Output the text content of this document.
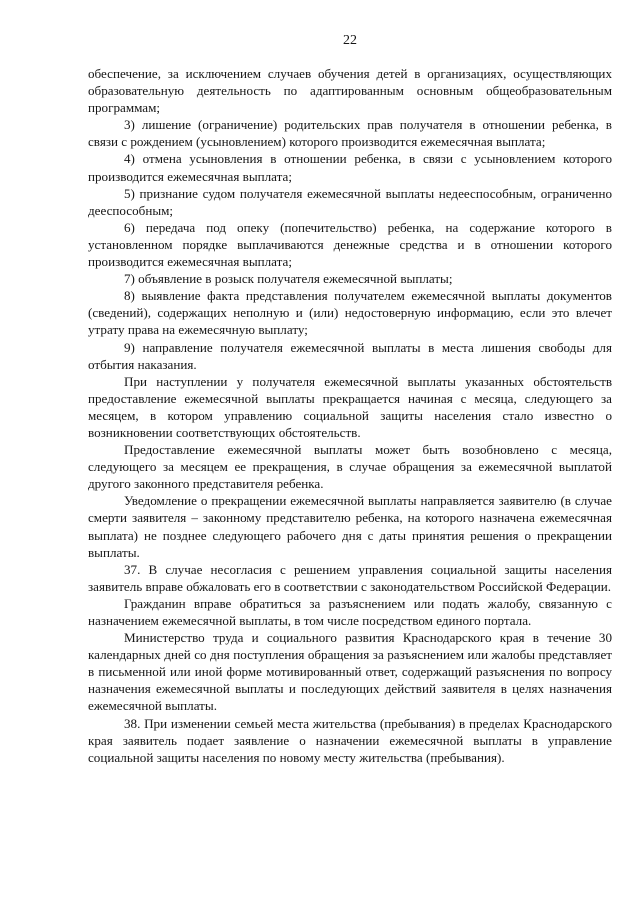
22

обеспечение, за исключением случаев обучения детей в организациях, осуществляющих образовательную деятельность по адаптированным основным общеобразовательным программам;

3) лишение (ограничение) родительских прав получателя в отношении ребенка, в связи с рождением (усыновлением) которого производится ежемесячная выплата;

4) отмена усыновления в отношении ребенка, в связи с усыновлением которого производится ежемесячная выплата;

5) признание судом получателя ежемесячной выплаты недееспособным, ограниченно дееспособным;

6) передача под опеку (попечительство) ребенка, на содержание которого в установленном порядке выплачиваются денежные средства и в отношении которого производится ежемесячная выплата;

7) объявление в розыск получателя ежемесячной выплаты;

8) выявление факта представления получателем ежемесячной выплаты документов (сведений), содержащих неполную и (или) недостоверную информацию, если это влечет утрату права на ежемесячную выплату;

9) направление получателя ежемесячной выплаты в места лишения свободы для отбытия наказания.

При наступлении у получателя ежемесячной выплаты указанных обстоятельств предоставление ежемесячной выплаты прекращается начиная с месяца, следующего за месяцем, в котором управлению социальной защиты населения стало известно о возникновении соответствующих обстоятельств.

Предоставление ежемесячной выплаты может быть возобновлено с месяца, следующего за месяцем ее прекращения, в случае обращения за ежемесячной выплатой другого законного представителя ребенка.

Уведомление о прекращении ежемесячной выплаты направляется заявителю (в случае смерти заявителя – законному представителю ребенка, на которого назначена ежемесячная выплата) не позднее следующего рабочего дня с даты принятия решения о прекращении выплаты.

37. В случае несогласия с решением управления социальной защиты населения заявитель вправе обжаловать его в соответствии с законодательством Российской Федерации.

Гражданин вправе обратиться за разъяснением или подать жалобу, связанную с назначением ежемесячной выплаты, в том числе посредством единого портала.

Министерство труда и социального развития Краснодарского края в течение 30 календарных дней со дня поступления обращения за разъяснением или жалобы представляет в письменной или иной форме мотивированный ответ, содержащий разъяснения по вопросу назначения ежемесячной выплаты и последующих действий заявителя в целях назначения ежемесячной выплаты.

38. При изменении семьей места жительства (пребывания) в пределах Краснодарского края заявитель подает заявление о назначении ежемесячной выплаты в управление социальной защиты населения по новому месту жительства (пребывания).
